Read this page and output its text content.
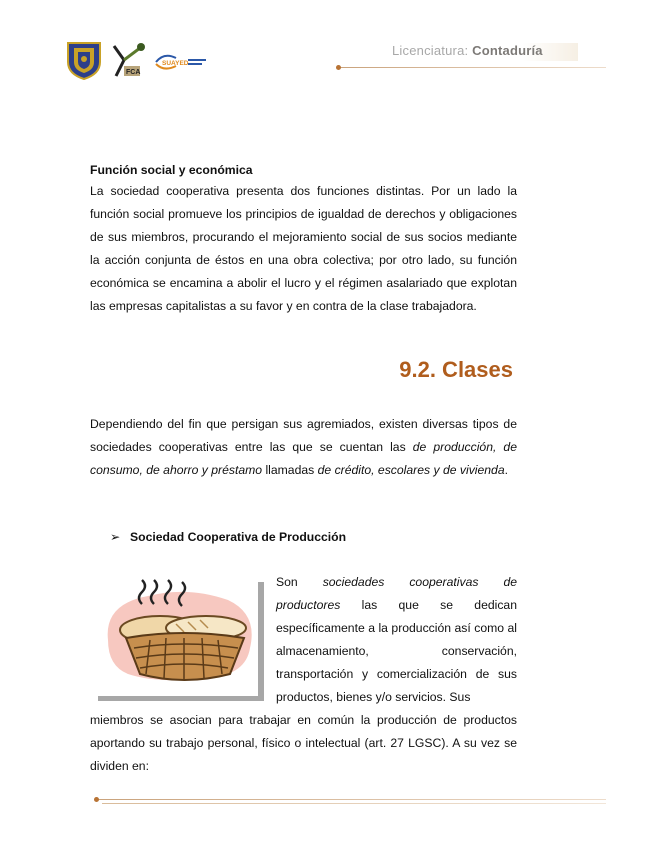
FCA
SUAYED
Licenciatura: Contaduría

Función social y económica

La sociedad cooperativa presenta dos funciones distintas. Por un lado la función social promueve los principios de igualdad de derechos y obligaciones de sus miembros, procurando el mejoramiento social de sus socios mediante la acción conjunta de éstos en una obra colectiva; por otro lado, su función económica se encamina a abolir el lucro y el régimen asalariado que explotan las empresas capitalistas a su favor y en contra de la clase trabajadora.

9.2. Clases

Dependiendo del fin que persigan sus agremiados, existen diversas tipos de sociedades cooperativas entre las que se cuentan las de producción, de consumo, de ahorro y préstamo llamadas de crédito, escolares y de vivienda.

➢ Sociedad Cooperativa de Producción

Son sociedades cooperativas de productores las que se dedican específicamente a la producción así como al almacenamiento, conservación, transportación y comercialización de sus productos, bienes y/o servicios. Sus

miembros se asocian para trabajar en común la producción de productos aportando su trabajo personal, físico o intelectual (art. 27 LGSC). A su vez se dividen en:
